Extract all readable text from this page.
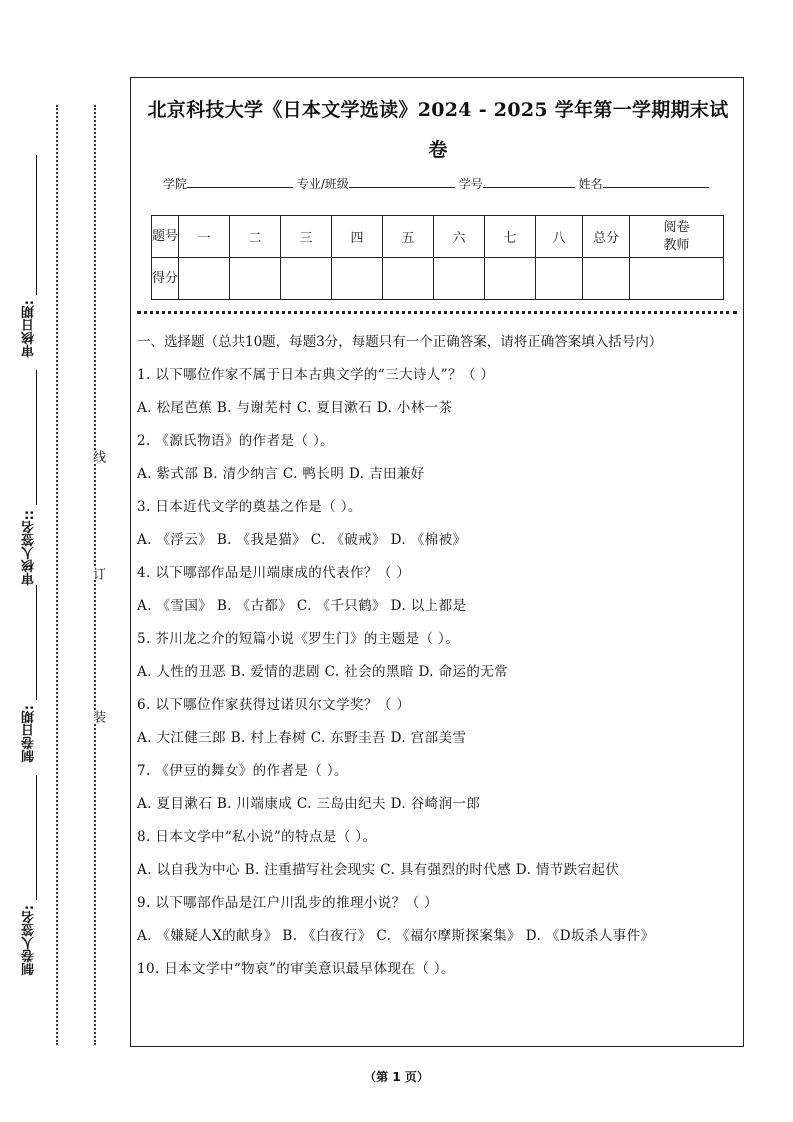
审核日期:
审核人签名::
制卷日期:
制卷人签名:
线
订
装
北京科技大学《日本文学选读》2024 - 2025 学年第一学期期末试
卷
学院	专业/班级	学号	姓名
题号	一	二	三	四	五	六	七	八	总分	阅卷教师
得分										

一、选择题（总共10题，每题3分，每题只有一个正确答案，请将正确答案填入括号内）

1. 以下哪位作家不属于日本古典文学的“三大诗人”？（ ）

A. 松尾芭蕉 B. 与谢芜村 C. 夏目漱石 D. 小林一茶

2. 《源氏物语》的作者是（ ）。

A. 紫式部 B. 清少纳言 C. 鸭长明 D. 吉田兼好

3. 日本近代文学的奠基之作是（ ）。

A. 《浮云》 B. 《我是猫》 C. 《破戒》 D. 《棉被》

4. 以下哪部作品是川端康成的代表作？（ ）

A. 《雪国》 B. 《古都》 C. 《千只鹤》 D. 以上都是

5. 芥川龙之介的短篇小说《罗生门》的主题是（ ）。

A. 人性的丑恶 B. 爱情的悲剧 C. 社会的黑暗 D. 命运的无常

6. 以下哪位作家获得过诺贝尔文学奖？（ ）

A. 大江健三郎 B. 村上春树 C. 东野圭吾 D. 宫部美雪

7. 《伊豆的舞女》的作者是（ ）。

A. 夏目漱石 B. 川端康成 C. 三岛由纪夫 D. 谷崎润一郎

8. 日本文学中“私小说”的特点是（ ）。

A. 以自我为中心 B. 注重描写社会现实 C. 具有强烈的时代感 D. 情节跌宕起伏

9. 以下哪部作品是江户川乱步的推理小说？（ ）

A. 《嫌疑人X的献身》 B. 《白夜行》 C. 《福尔摩斯探案集》 D. 《D坂杀人事件》

10. 日本文学中“物哀”的审美意识最早体现在（ ）。

（第 1 页）
